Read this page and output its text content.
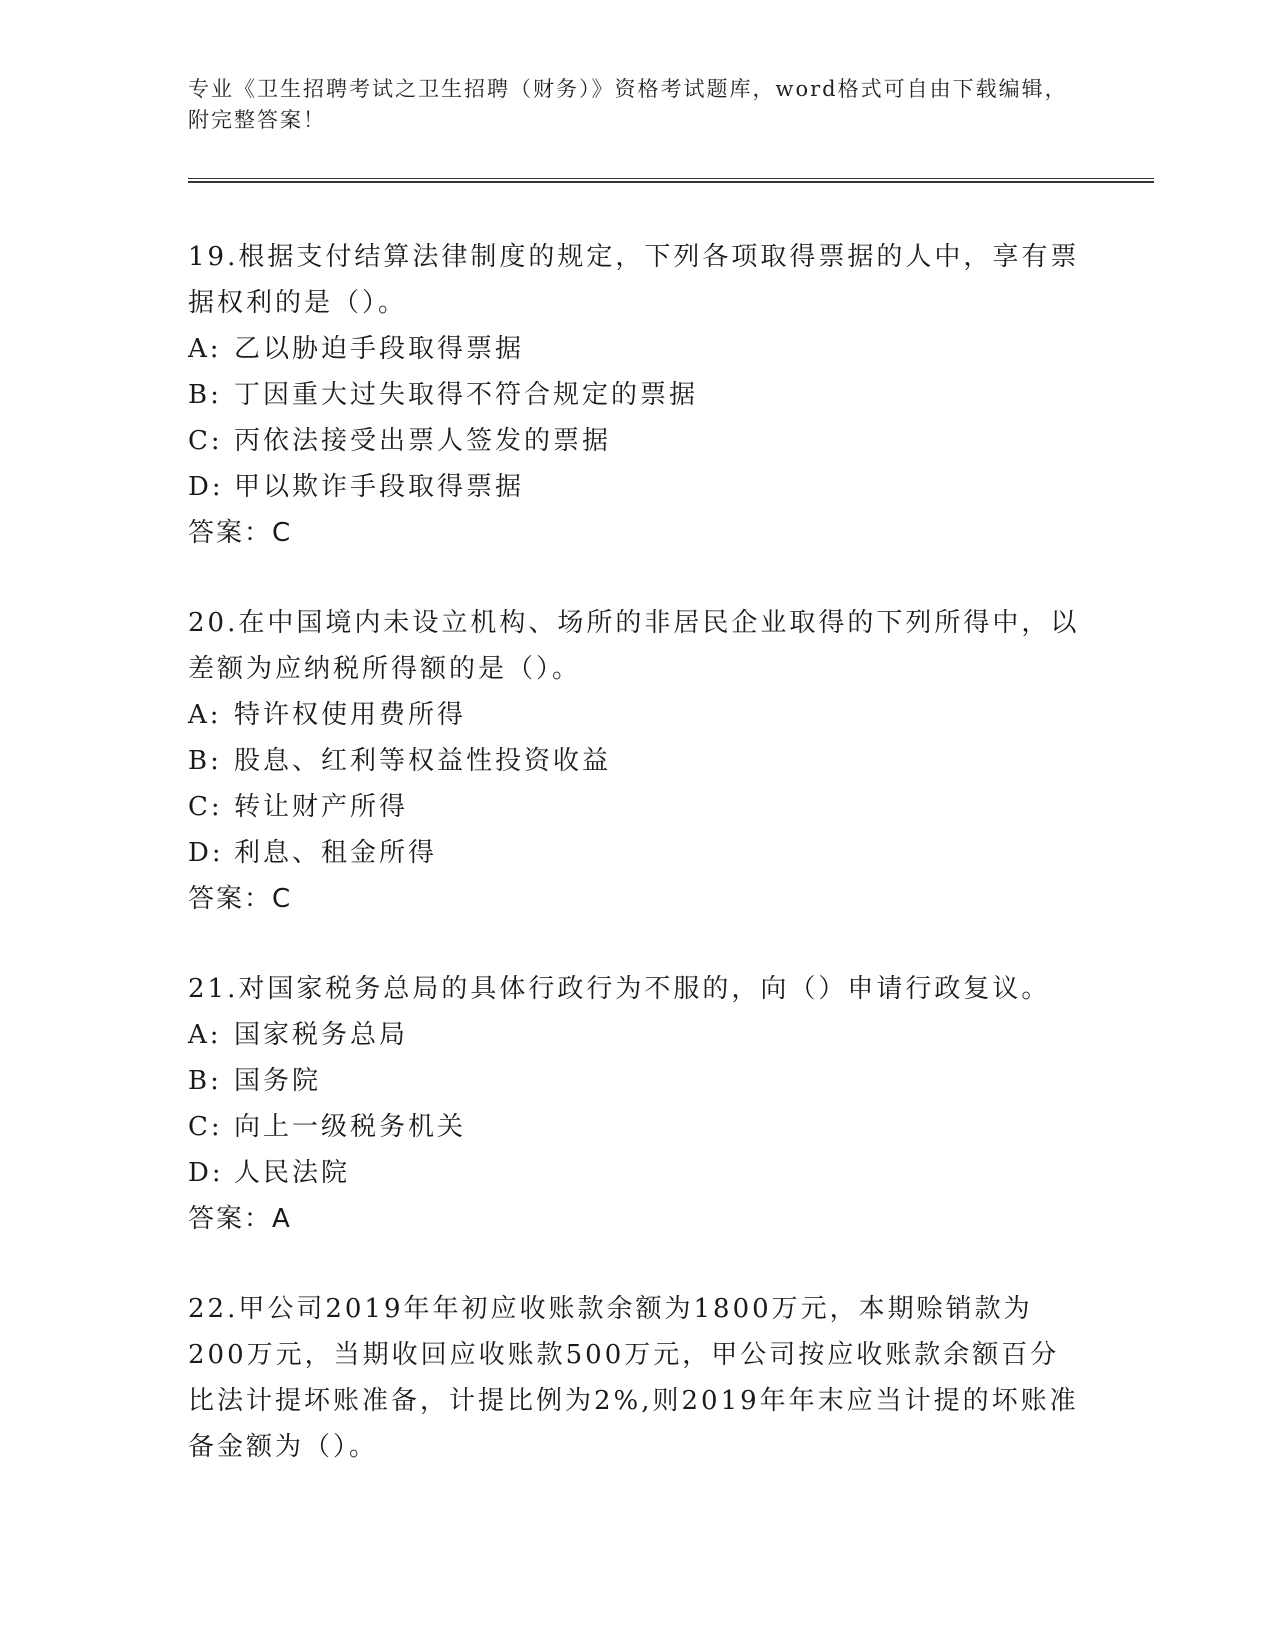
专业《卫生招聘考试之卫生招聘（财务）》资格考试题库，word格式可自由下载编辑，附完整答案！

19.根据支付结算法律制度的规定，下列各项取得票据的人中，享有票据权利的是（）。

A: 乙以胁迫手段取得票据

B: 丁因重大过失取得不符合规定的票据

C: 丙依法接受出票人签发的票据

D: 甲以欺诈手段取得票据

答案：C

20.在中国境内未设立机构、场所的非居民企业取得的下列所得中，以差额为应纳税所得额的是（）。

A: 特许权使用费所得

B: 股息、红利等权益性投资收益

C: 转让财产所得

D: 利息、租金所得

答案：C

21.对国家税务总局的具体行政行为不服的，向（）申请行政复议。

A: 国家税务总局

B: 国务院

C: 向上一级税务机关

D: 人民法院

答案：A

22.甲公司2019年年初应收账款余额为1800万元，本期赊销款为200万元，当期收回应收账款500万元，甲公司按应收账款余额百分比法计提坏账准备，计提比例为2%,则2019年年末应当计提的坏账准备金额为（）。
